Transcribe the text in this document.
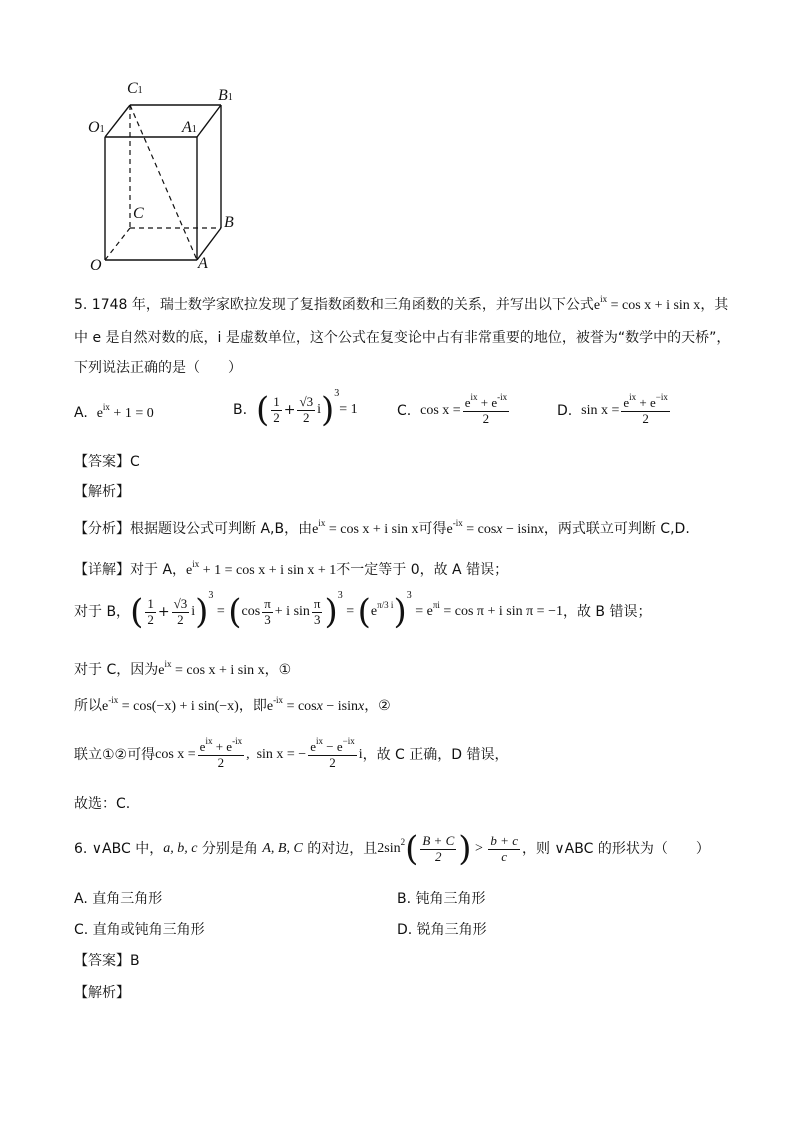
C1	B1
O1	A1
C
B
O	A
5. 1748 年，瑞士数学家欧拉发现了复指数函数和三角函数的关系，并写出以下公式$e^{ix} = \cos x + i$ sin x，其
中 e 是自然对数的底，i 是虚数单位，这个公式在复变论中占有非常重要的地位，被誉为“数学中的天桥”，
下列说法正确的是（　　）
A. $e^{ix} + 1 = 0$	B.
( $\frac{1}{2} + \frac{√3}{2}$ i ) 3
= 1	C.
$\cos x = \frac{e^{ix} + e^{-ix}}{2}$	D.
$\sin x = \frac{e^{ix} + e^{-ix}}{2}$
【答案】C
【解析】
【分析】根据题设公式可判断 A,B，由$e^{ix} = \cos x + i$ sin x可得$e^{-ix} = \cos x - isinx$，两式联立可判断 C,D.
【详解】对于 A，$e^{ix} + 1 = \cos x + i$ sin x + 1不一定等于 0，故 A 错误；
对于 B， ( $\frac{1}{2} + \frac{√3}{2}$ i ) 3
= ( $\cos \frac{\pi}{3} + i$ $\sin \frac{\pi}{3}$ ) 3
= ( $e^{\pi/3 i}$ ) 3
= $e^{\pi i} = \cos \pi + i$ sin π = −1 ，故 B 错误；
对于 C，因为$e^{ix} = \cos x + i$ sin x，①
所以$e^{-ix} = \cos(-x) + i$ sin(−x)，即$e^{-ix} = \cos x - isinx$，②
联立①②可得 $\cos x = \frac{e^{ix} + e^{-ix}}{2}$ ,  sin x = − $\frac{e^{ix} - e^{-ix}}{2}$ i ，故 C 正确，D 错误，
故选：C.
6. ∨ABC 中， a, b, c
分别是角
A, B, C
的对边，且 $2\sin^2$ ( $\frac{B + C}{2}$ ) > $\frac{b + c}{c}$ ，则 ∨ABC 的形状为（　　）
A. 直角三角形	B. 钝角三角形
C. 直角或钝角三角形	D. 锐角三角形
【答案】B
【解析】
